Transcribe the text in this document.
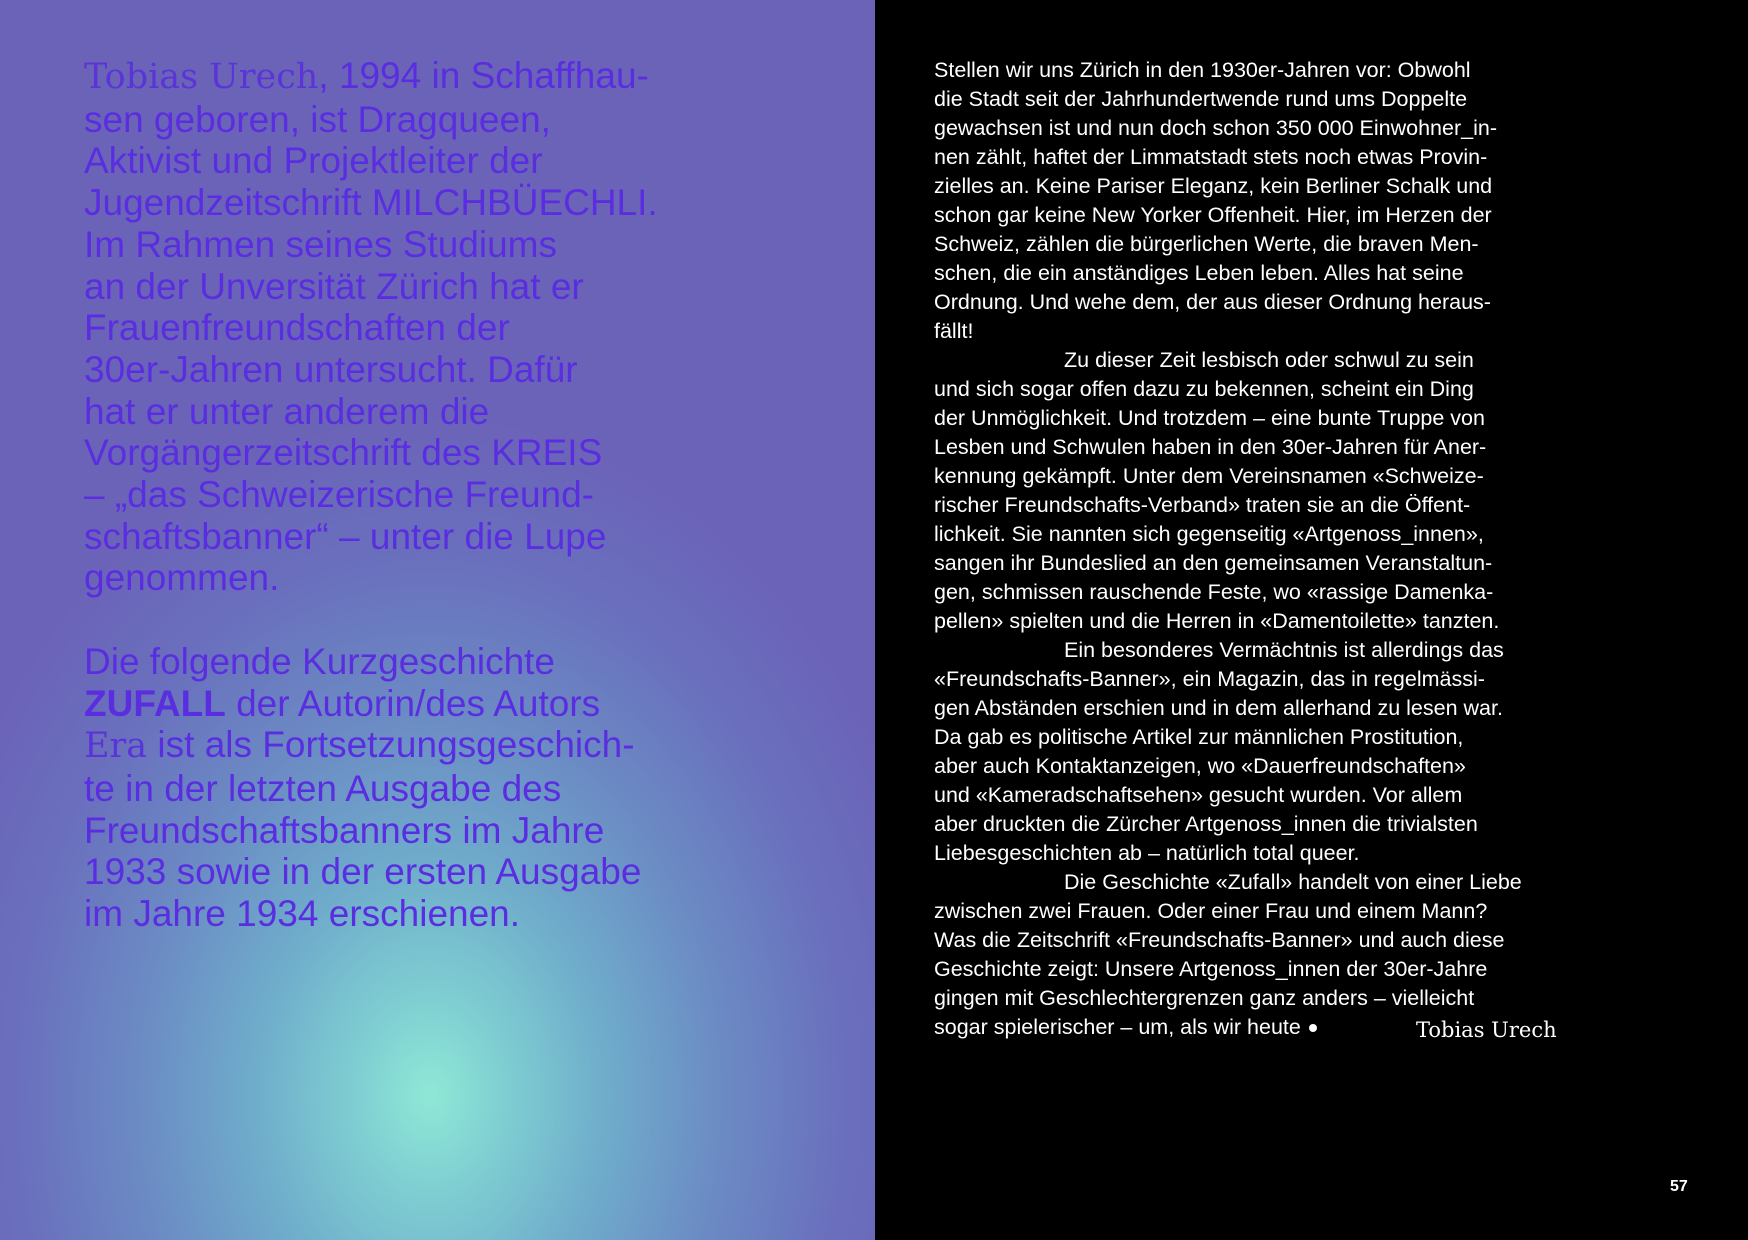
Tobias Urech, 1994 in Schaffhau-
sen geboren, ist Dragqueen,
Aktivist und Projektleiter der
Jugendzeitschrift MILCHBÜECHLI.
Im Rahmen seines Studiums
an der Unversität Zürich hat er
Frauenfreundschaften der
30er-Jahren untersucht. Dafür
hat er unter anderem die
Vorgängerzeitschrift des KREIS
– „das Schweizerische Freund-
schaftsbanner“ – unter die Lupe
genommen.

Die folgende Kurzgeschichte
ZUFALL der Autorin/des Autors
Era ist als Fortsetzungsgeschich-
te in der letzten Ausgabe des
Freundschaftsbanners im Jahre
1933 sowie in der ersten Ausgabe
im Jahre 1934 erschienen.

Stellen wir uns Zürich in den 1930er-Jahren vor: Obwohl
die Stadt seit der Jahrhundertwende rund ums Doppelte
gewachsen ist und nun doch schon 350 000 Einwohner_in-
nen zählt, haftet der Limmatstadt stets noch etwas Provin-
zielles an. Keine Pariser Eleganz, kein Berliner Schalk und
schon gar keine New Yorker Offenheit. Hier, im Herzen der
Schweiz, zählen die bürgerlichen Werte, die braven Men-
schen, die ein anständiges Leben leben. Alles hat seine
Ordnung. Und wehe dem, der aus dieser Ordnung heraus-
fällt!

Zu dieser Zeit lesbisch oder schwul zu sein
und sich sogar offen dazu zu bekennen, scheint ein Ding
der Unmöglichkeit. Und trotzdem – eine bunte Truppe von
Lesben und Schwulen haben in den 30er-Jahren für Aner-
kennung gekämpft. Unter dem Vereinsnamen «Schweize-
rischer Freundschafts-Verband» traten sie an die Öffent-
lichkeit. Sie nannten sich gegenseitig «Artgenoss_innen»,
sangen ihr Bundeslied an den gemeinsamen Veranstaltun-
gen, schmissen rauschende Feste, wo «rassige Damenka-
pellen» spielten und die Herren in «Damentoilette» tanzten.

Ein besonderes Vermächtnis ist allerdings das
«Freundschafts-Banner», ein Magazin, das in regelmässi-
gen Abständen erschien und in dem allerhand zu lesen war.
Da gab es politische Artikel zur männlichen Prostitution,
aber auch Kontaktanzeigen, wo «Dauerfreundschaften»
und «Kameradschaftsehen» gesucht wurden. Vor allem
aber druckten die Zürcher Artgenoss_innen die trivialsten
Liebesgeschichten ab – natürlich total queer.

Die Geschichte «Zufall» handelt von einer Liebe
zwischen zwei Frauen. Oder einer Frau und einem Mann?
Was die Zeitschrift «Freundschafts-Banner» und auch diese
Geschichte zeigt: Unsere Artgenoss_innen der 30er-Jahre
gingen mit Geschlechtergrenzen ganz anders – vielleicht
sogar spielerischer – um, als wir heute	Tobias Urech
57
